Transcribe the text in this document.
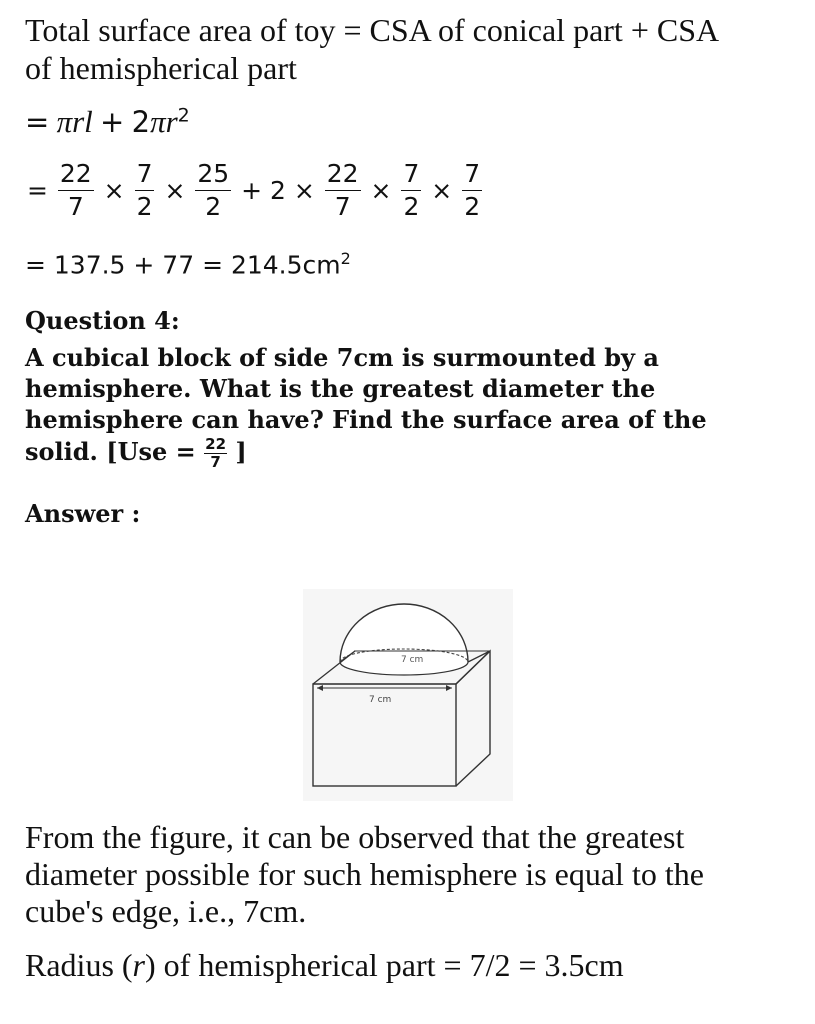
Total surface area of toy = CSA of conical part + CSA
of hemispherical part
= $\pi rl + 2\pi r^2$
= $\frac{22}{7} \times \frac{7}{2} \times \frac{25}{2} + 2 \times \frac{22}{7} \times \frac{7}{2} \times \frac{7}{2}$
= $137.5 + 77 = 214.5cm^2$
Question 4:
A cubical block of side 7cm is surmounted by a
hemisphere. What is the greatest diameter the
hemisphere can have? Find the surface area of the
solid. [$Use = \frac{22}{7}$ ]
Answer :
7 cm
7 cm
From the figure, it can be observed that the greatest
diameter possible for such hemisphere is equal to the
cube's edge, i.e., 7cm.
Radius (r) of hemispherical part = 7/2 = 3.5cm
